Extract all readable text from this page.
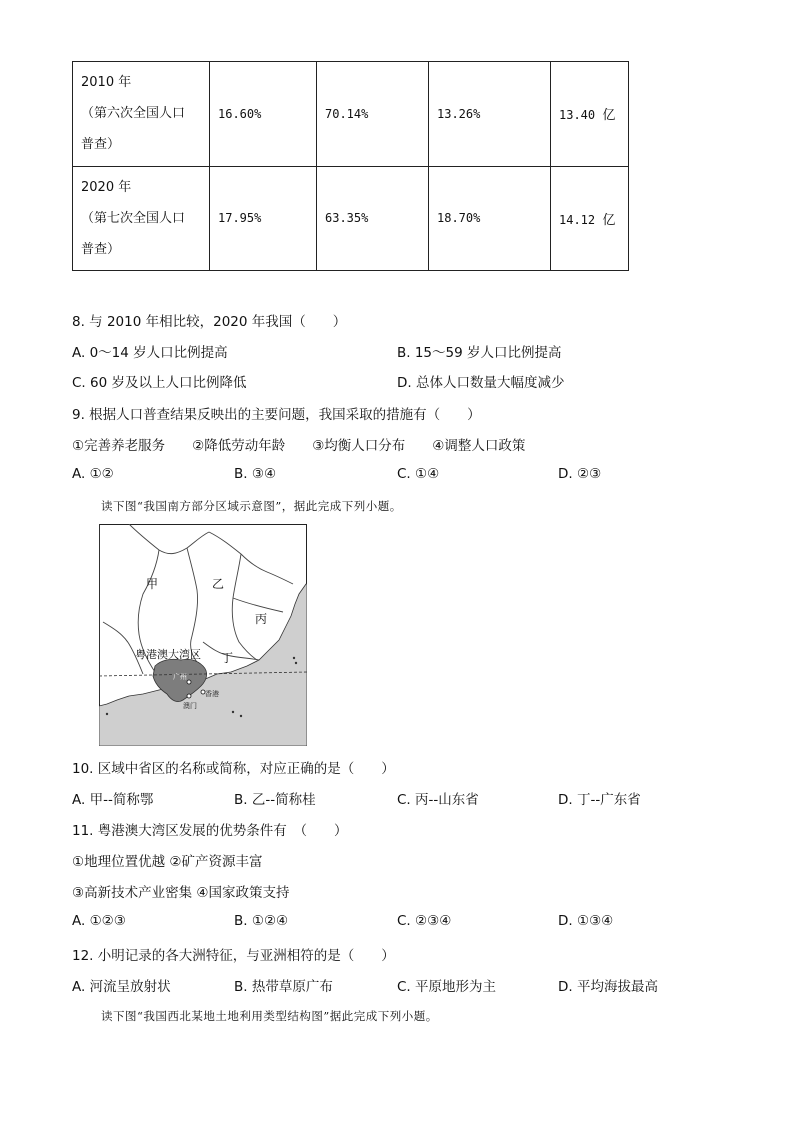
2010 年
（第六次全国人口
普查）	16.60%	70.14%	13.26%	13.40 亿

2020 年
（第七次全国人口
普查）	17.95%	63.35%	18.70%	14.12 亿
8. 与 2010 年相比较，2020 年我国（　　）
A. 0～14 岁人口比例提高	B. 15～59 岁人口比例提高
C. 60 岁及以上人口比例降低	D. 总体人口数量大幅度减少
9. 根据人口普查结果反映出的主要问题，我国采取的措施有（　　）
①完善养老服务　　②降低劳动年龄　　③均衡人口分布　　④调整人口政策
A. ①②	B. ③④	C. ①④	D. ②③
读下图“我国南方部分区域示意图”，据此完成下列小题。
甲	乙
丙
丁
粤港澳大湾区
广州
香港
澳门
10. 区域中省区的名称或简称，对应正确的是（　　）
A. 甲--简称鄂	B. 乙--简称桂	C. 丙--山东省	D. 丁--广东省
11. 粤港澳大湾区发展的优势条件有　（　　）
①地理位置优越 ②矿产资源丰富
③高新技术产业密集 ④国家政策支持
A. ①②③	B. ①②④	C. ②③④	D. ①③④
12. 小明记录的各大洲特征，与亚洲相符的是（　　）
A. 河流呈放射状	B. 热带草原广布	C. 平原地形为主	D. 平均海拔最高
读下图“我国西北某地土地利用类型结构图”据此完成下列小题。
